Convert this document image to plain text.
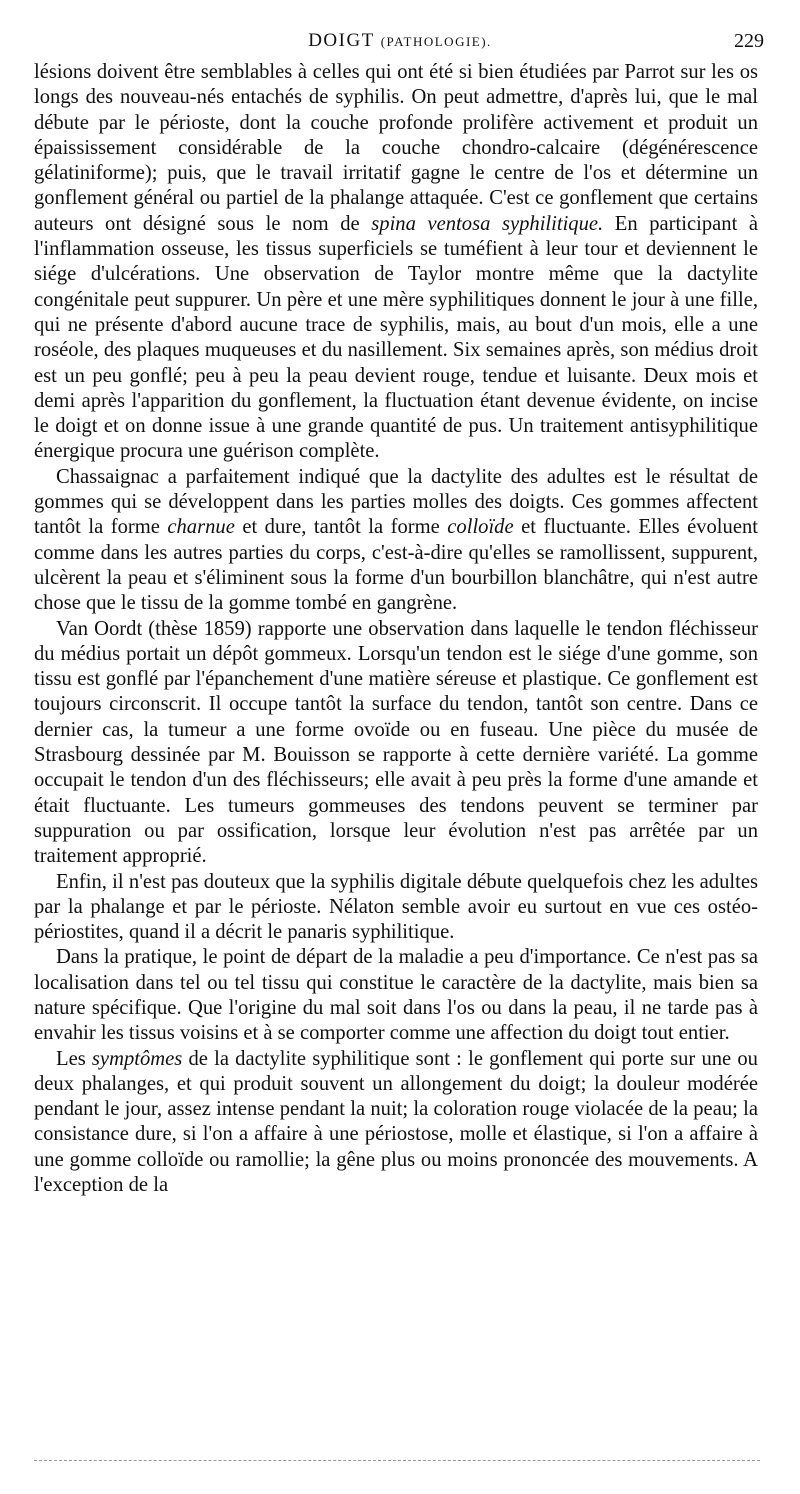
DOIGT (PATHOLOGIE).	229

lésions doivent être semblables à celles qui ont été si bien étudiées par Parrot sur les os longs des nouveau-nés entachés de syphilis. On peut admettre, d'après lui, que le mal débute par le périoste, dont la couche profonde prolifère activement et produit un épaississement considérable de la couche chondro-calcaire (dégénérescence gélatiniforme); puis, que le travail irritatif gagne le centre de l'os et détermine un gonflement général ou partiel de la phalange attaquée. C'est ce gonflement que certains auteurs ont désigné sous le nom de spina ventosa syphilitique. En participant à l'inflammation osseuse, les tissus superficiels se tuméfient à leur tour et deviennent le siége d'ulcérations. Une observation de Taylor montre même que la dactylite congénitale peut suppurer. Un père et une mère syphilitiques donnent le jour à une fille, qui ne présente d'abord aucune trace de syphilis, mais, au bout d'un mois, elle a une roséole, des plaques muqueuses et du nasillement. Six semaines après, son médius droit est un peu gonflé; peu à peu la peau devient rouge, tendue et luisante. Deux mois et demi après l'apparition du gonflement, la fluctuation étant devenue évidente, on incise le doigt et on donne issue à une grande quantité de pus. Un traitement antisyphilitique énergique procura une guérison complète.

Chassaignac a parfaitement indiqué que la dactylite des adultes est le résultat de gommes qui se développent dans les parties molles des doigts. Ces gommes affectent tantôt la forme charnue et dure, tantôt la forme colloïde et fluctuante. Elles évoluent comme dans les autres parties du corps, c'est-à-dire qu'elles se ramollissent, suppurent, ulcèrent la peau et s'éliminent sous la forme d'un bourbillon blanchâtre, qui n'est autre chose que le tissu de la gomme tombé en gangrène.

Van Oordt (thèse 1859) rapporte une observation dans laquelle le tendon fléchisseur du médius portait un dépôt gommeux. Lorsqu'un tendon est le siége d'une gomme, son tissu est gonflé par l'épanchement d'une matière séreuse et plastique. Ce gonflement est toujours circonscrit. Il occupe tantôt la surface du tendon, tantôt son centre. Dans ce dernier cas, la tumeur a une forme ovoïde ou en fuseau. Une pièce du musée de Strasbourg dessinée par M. Bouisson se rapporte à cette dernière variété. La gomme occupait le tendon d'un des fléchisseurs; elle avait à peu près la forme d'une amande et était fluctuante. Les tumeurs gommeuses des tendons peuvent se terminer par suppuration ou par ossification, lorsque leur évolution n'est pas arrêtée par un traitement approprié.

Enfin, il n'est pas douteux que la syphilis digitale débute quelquefois chez les adultes par la phalange et par le périoste. Nélaton semble avoir eu surtout en vue ces ostéo-périostites, quand il a décrit le panaris syphilitique.

Dans la pratique, le point de départ de la maladie a peu d'importance. Ce n'est pas sa localisation dans tel ou tel tissu qui constitue le caractère de la dactylite, mais bien sa nature spécifique. Que l'origine du mal soit dans l'os ou dans la peau, il ne tarde pas à envahir les tissus voisins et à se comporter comme une affection du doigt tout entier.

Les symptômes de la dactylite syphilitique sont : le gonflement qui porte sur une ou deux phalanges, et qui produit souvent un allongement du doigt; la douleur modérée pendant le jour, assez intense pendant la nuit; la coloration rouge violacée de la peau; la consistance dure, si l'on a affaire à une périostose, molle et élastique, si l'on a affaire à une gomme colloïde ou ramollie; la gêne plus ou moins prononcée des mouvements. A l'exception de la
